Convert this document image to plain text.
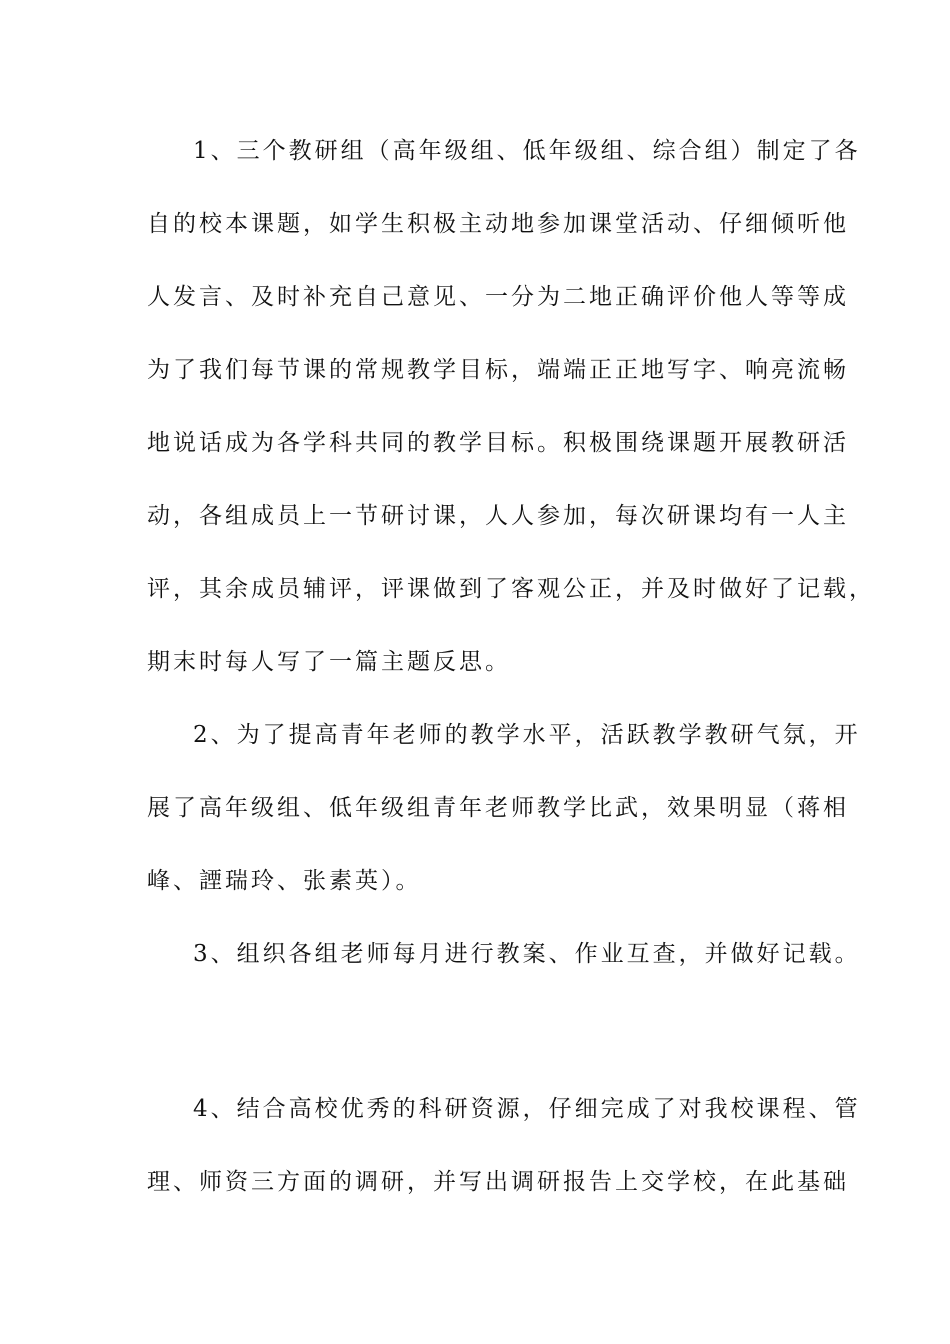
1、三个教研组（高年级组、低年级组、综合组）制定了各
自的校本课题，如学生积极主动地参加课堂活动、仔细倾听他
人发言、及时补充自己意见、一分为二地正确评价他人等等成
为了我们每节课的常规教学目标，端端正正地写字、响亮流畅
地说话成为各学科共同的教学目标。积极围绕课题开展教研活
动，各组成员上一节研讨课，人人参加，每次研课均有一人主
评，其余成员辅评，评课做到了客观公正，并及时做好了记载，
期末时每人写了一篇主题反思。
2、为了提高青年老师的教学水平，活跃教学教研气氛，开
展了高年级组、低年级组青年老师教学比武，效果明显（蒋相
峰、諲瑞玲、张素英）。
3、组织各组老师每月进行教案、作业互查，并做好记载。
4、结合高校优秀的科研资源，仔细完成了对我校课程、管
理、师资三方面的调研，并写出调研报告上交学校，在此基础
